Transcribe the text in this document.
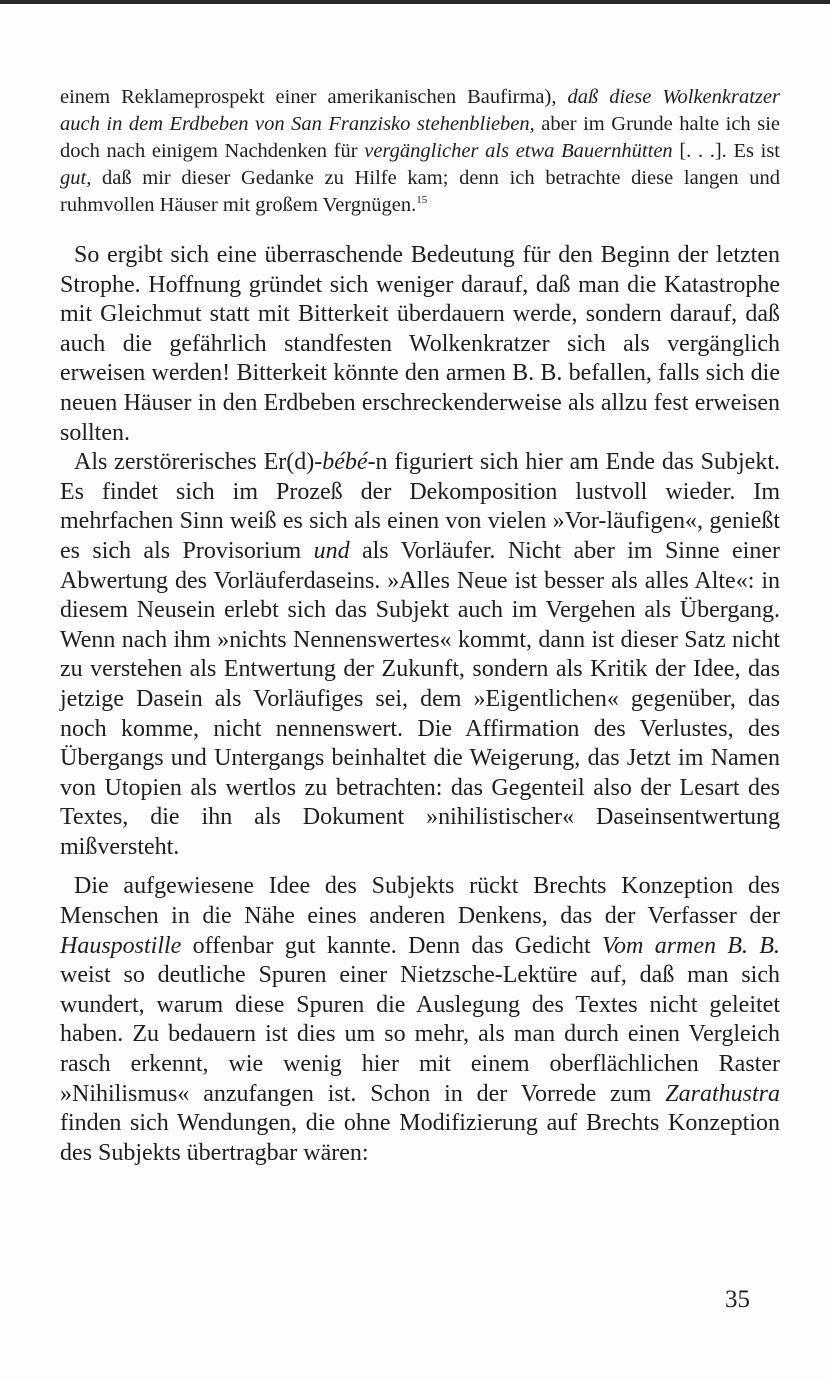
einem Reklameprospekt einer amerikanischen Baufirma), daß diese Wolkenkratzer auch in dem Erdbeben von San Franzisko stehenblieben, aber im Grunde halte ich sie doch nach einigem Nachdenken für vergänglicher als etwa Bauernhütten [. . .]. Es ist gut, daß mir dieser Gedanke zu Hilfe kam; denn ich betrachte diese langen und ruhmvollen Häuser mit großem Vergnügen.$^{15}$

So ergibt sich eine überraschende Bedeutung für den Beginn der letzten Strophe. Hoffnung gründet sich weniger darauf, daß man die Katastrophe mit Gleichmut statt mit Bitterkeit überdauern werde, sondern darauf, daß auch die gefährlich standfesten Wolkenkratzer sich als vergänglich erweisen werden! Bitterkeit könnte den armen B. B. befallen, falls sich die neuen Häuser in den Erdbeben erschreckenderweise als allzu fest erweisen sollten.

Als zerstörerisches Er(d)-bébé-n figuriert sich hier am Ende das Subjekt. Es findet sich im Prozeß der Dekomposition lustvoll wieder. Im mehrfachen Sinn weiß es sich als einen von vielen »Vor-läufigen«, genießt es sich als Provisorium und als Vorläufer. Nicht aber im Sinne einer Abwertung des Vorläuferdaseins. »Alles Neue ist besser als alles Alte«: in diesem Neusein erlebt sich das Subjekt auch im Vergehen als Übergang. Wenn nach ihm »nichts Nennenswertes« kommt, dann ist dieser Satz nicht zu verstehen als Entwertung der Zukunft, sondern als Kritik der Idee, das jetzige Dasein als Vorläufiges sei, dem »Eigentlichen« gegenüber, das noch komme, nicht nennenswert. Die Affirmation des Verlustes, des Übergangs und Untergangs beinhaltet die Weigerung, das Jetzt im Namen von Utopien als wertlos zu betrachten: das Gegenteil also der Lesart des Textes, die ihn als Dokument »nihilistischer« Daseinsentwertung mißversteht.

Die aufgewiesene Idee des Subjekts rückt Brechts Konzeption des Menschen in die Nähe eines anderen Denkens, das der Verfasser der Hauspostille offenbar gut kannte. Denn das Gedicht Vom armen B. B. weist so deutliche Spuren einer Nietzsche-Lektüre auf, daß man sich wundert, warum diese Spuren die Auslegung des Textes nicht geleitet haben. Zu bedauern ist dies um so mehr, als man durch einen Vergleich rasch erkennt, wie wenig hier mit einem oberflächlichen Raster »Nihilismus« anzufangen ist. Schon in der Vorrede zum Zarathustra finden sich Wendungen, die ohne Modifizierung auf Brechts Konzeption des Subjekts übertragbar wären:

35
